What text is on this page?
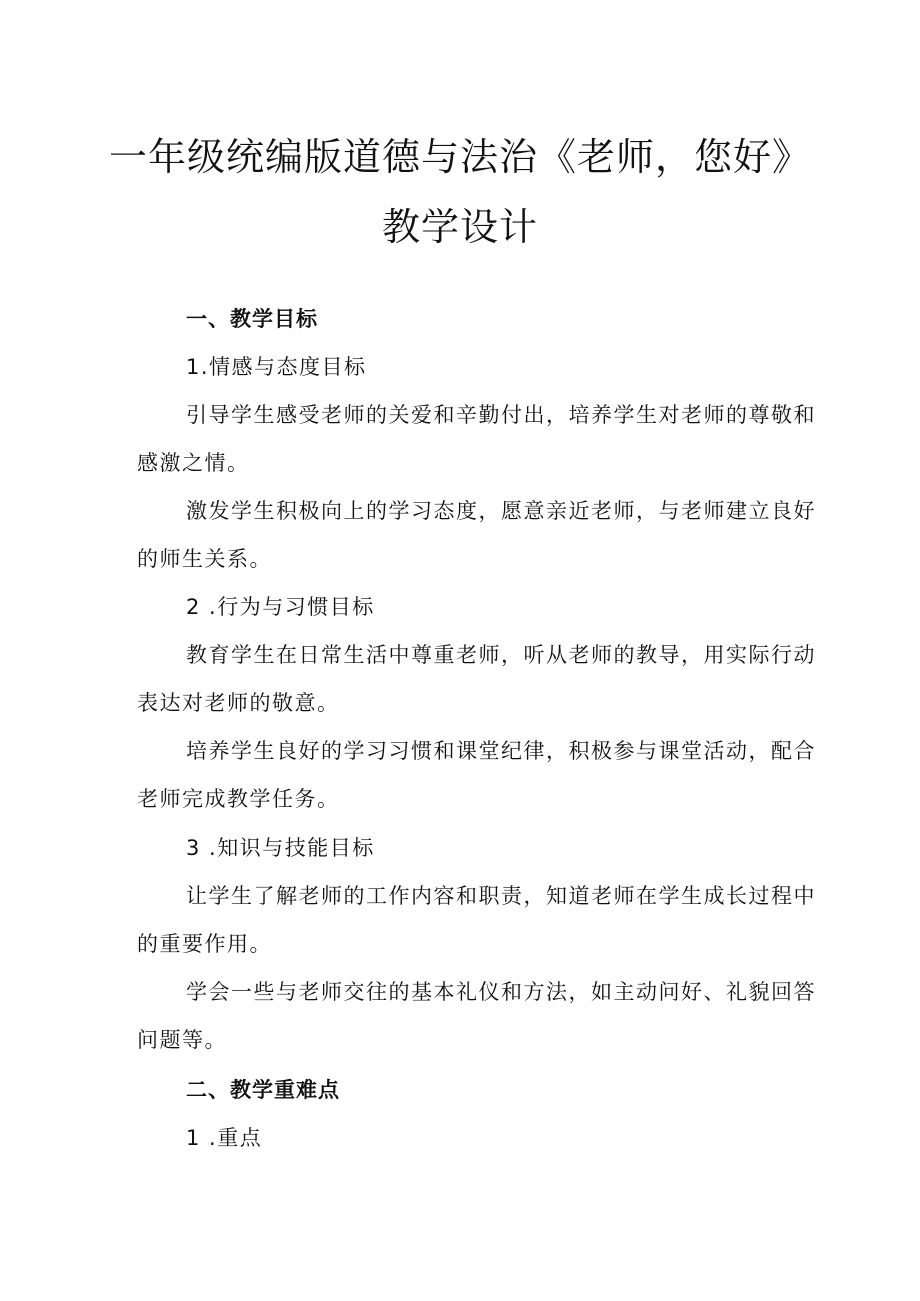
一年级统编版道德与法治《老师，您好》
教学设计
一、教学目标
1.情感与态度目标
引导学生感受老师的关爱和辛勤付出，培养学生对老师的尊敬和
感激之情。
激发学生积极向上的学习态度，愿意亲近老师，与老师建立良好
的师生关系。
2 .行为与习惯目标
教育学生在日常生活中尊重老师，听从老师的教导，用实际行动
表达对老师的敬意。
培养学生良好的学习习惯和课堂纪律，积极参与课堂活动，配合
老师完成教学任务。
3 .知识与技能目标
让学生了解老师的工作内容和职责，知道老师在学生成长过程中
的重要作用。
学会一些与老师交往的基本礼仪和方法，如主动问好、礼貌回答
问题等。
二、教学重难点
1 .重点
